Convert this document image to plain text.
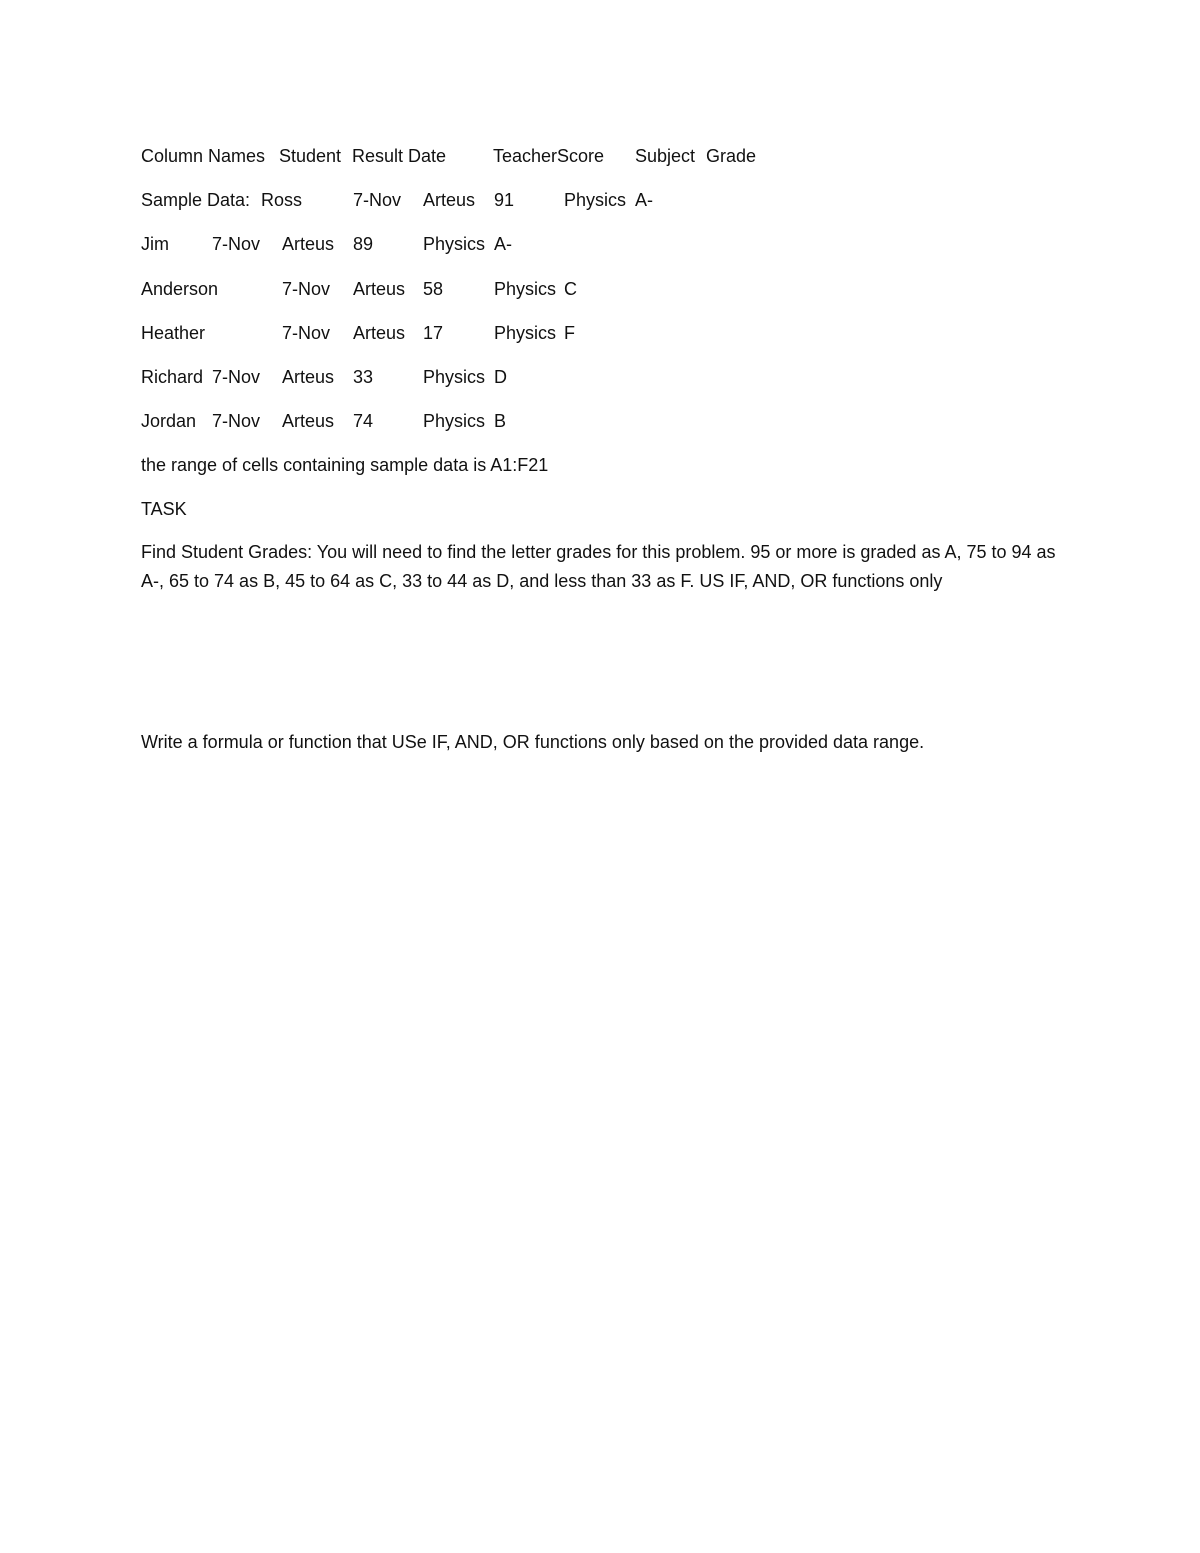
Column Names Student Result Date	TeacherScore Subject Grade
Sample Data: Ross	7-Nov Arteus 91	Physics A-
Jim 7-Nov Arteus 89	Physics A-
Anderson	7-Nov Arteus 58	Physics C
Heather	7-Nov Arteus 17	Physics F
Richard 7-Nov Arteus 33	Physics D
Jordan 7-Nov Arteus 74	Physics B
the range of cells containing sample data is A1:F21
TASK
Find Student Grades: You will need to find the letter grades for this problem. 95 or more is graded as A, 75 to 94 as A-, 65 to 74 as B, 45 to 64 as C, 33 to 44 as D, and less than 33 as F. US IF, AND, OR functions only
Write a formula or function that USe IF, AND, OR functions only based on the provided data range.
